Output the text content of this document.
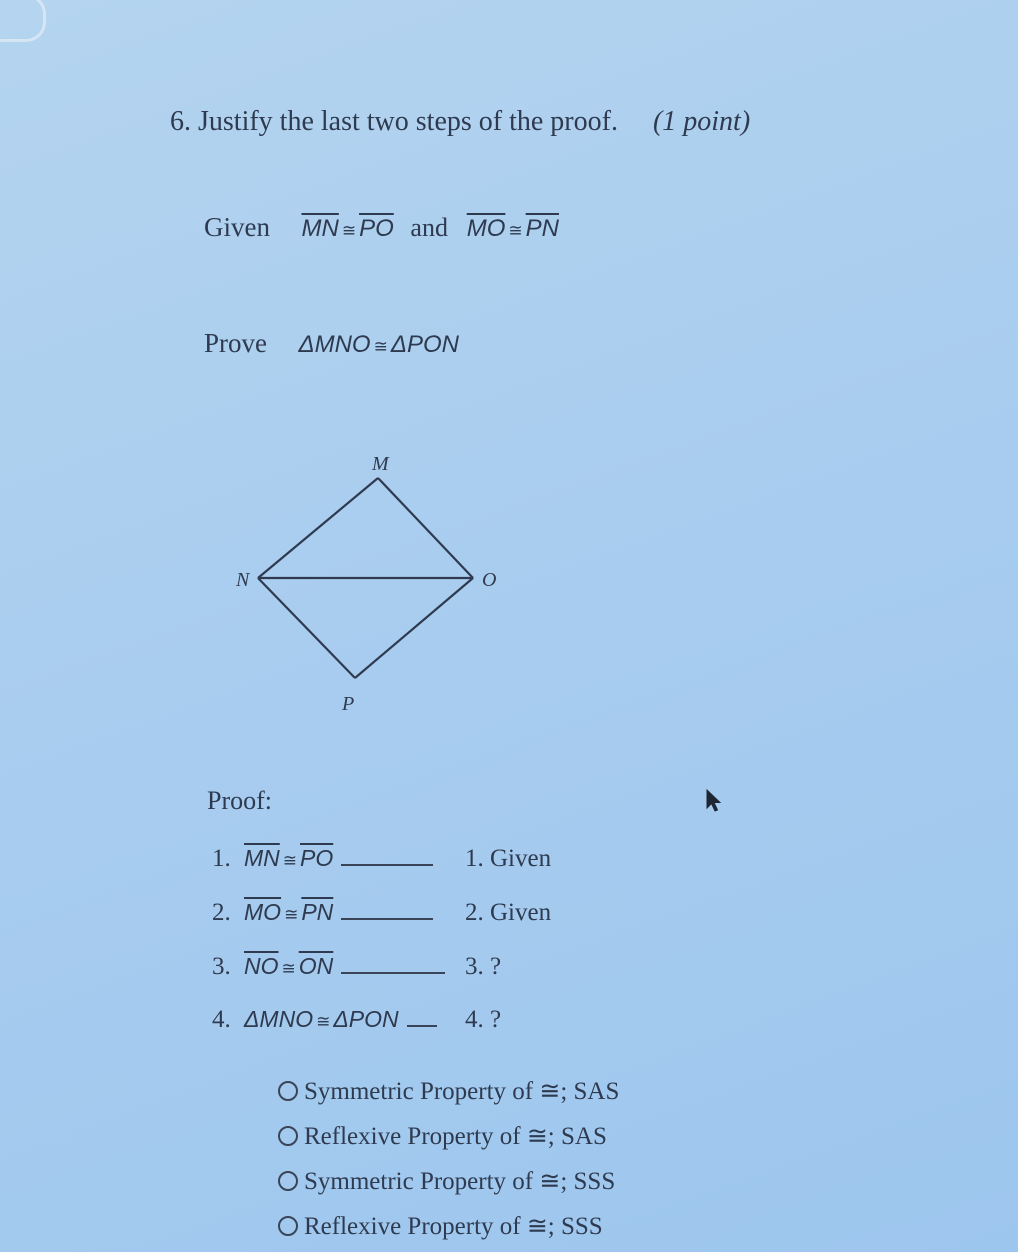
6. Justify the last two steps of the proof. (1 point)
Given $\overline{MN}$ ≅ $\overline{PO}$ and $\overline{MO}$ ≅ $\overline{PN}$
Prove ΔMNO ≅ ΔPON
M
N	O
P
Proof:
1. $\overline{MN}$ ≅ $\overline{PO}$	1. Given
2. $\overline{MO}$ ≅ $\overline{PN}$	2. Given
3. $\overline{NO}$ ≅ $\overline{ON}$	3. ?
4. ΔMNO ≅ ΔPON	4. ?
Symmetric Property of ≅; SAS
Reflexive Property of ≅; SAS
Symmetric Property of ≅; SSS
Reflexive Property of ≅; SSS
